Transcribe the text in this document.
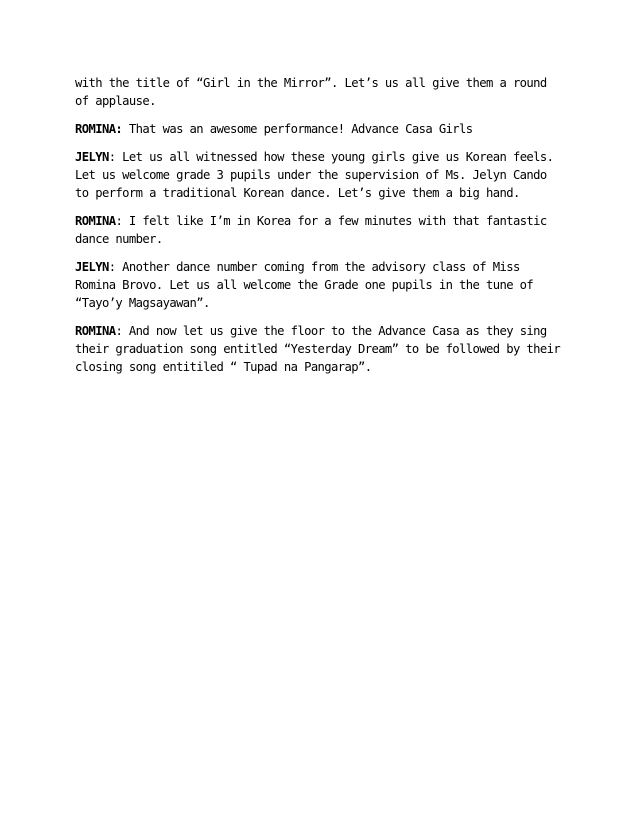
with the title of “Girl in the Mirror”. Let’s us all give them a round of applause.

ROMINA: That was an awesome performance! Advance Casa Girls

JELYN: Let us all witnessed how these young girls give us Korean feels. Let us welcome grade 3 pupils under the supervision of Ms. Jelyn Cando to perform a traditional Korean dance. Let’s give them a big hand.

ROMINA: I felt like I’m in Korea for a few minutes with that fantastic dance number.

JELYN: Another dance number coming from the advisory class of Miss Romina Brovo. Let us all welcome the Grade one pupils in the tune of “Tayo’y Magsayawan”.

ROMINA: And now let us give the floor to the Advance Casa as they sing their graduation song entitled “Yesterday Dream” to be followed by their closing song entitiled “ Tupad na Pangarap”.
